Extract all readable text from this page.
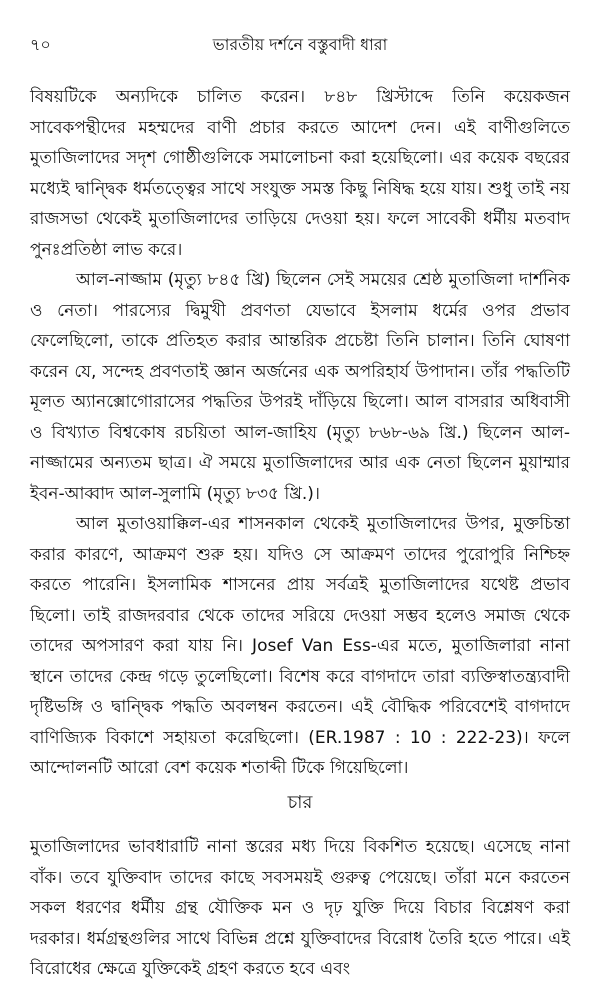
৭০	ভারতীয় দর্শনে বস্তুবাদী ধারা

বিষয়টিকে অন্যদিকে চালিত করেন। ৮৪৮ খ্রিস্টাব্দে তিনি কয়েকজন সাবেকপন্থীদের মহম্মদের বাণী প্রচার করতে আদেশ দেন। এই বাণীগুলিতে মুতাজিলাদের সদৃশ গোষ্ঠীগুলিকে সমালোচনা করা হয়েছিলো। এর কয়েক বছরের মধ্যেই দ্বান্দ্বিক ধর্মতত্ত্বের সাথে সংযুক্ত সমস্ত কিছু নিষিদ্ধ হয়ে যায়। শুধু তাই নয় রাজসভা থেকেই মুতাজিলাদের তাড়িয়ে দেওয়া হয়। ফলে সাবেকী ধর্মীয় মতবাদ পুনঃপ্রতিষ্ঠা লাভ করে।

আল-নাজ্জাম (মৃত্যু ৮৪৫ খ্রি) ছিলেন সেই সময়ের শ্রেষ্ঠ মুতাজিলা দার্শনিক ও নেতা। পারস্যের দ্বিমুখী প্রবণতা যেভাবে ইসলাম ধর্মের ওপর প্রভাব ফেলেছিলো, তাকে প্রতিহত করার আন্তরিক প্রচেষ্টা তিনি চালান। তিনি ঘোষণা করেন যে, সন্দেহ প্রবণতাই জ্ঞান অর্জনের এক অপরিহার্য উপাদান। তাঁর পদ্ধতিটি মূলত অ্যানক্সোগোরাসের পদ্ধতির উপরই দাঁড়িয়ে ছিলো। আল বাসরার অধিবাসী ও বিখ্যাত বিশ্বকোষ রচয়িতা আল-জাহিয (মৃত্যু ৮৬৮-৬৯ খ্রি.) ছিলেন আল-নাজ্জামের অন্যতম ছাত্র। ঐ সময়ে মুতাজিলাদের আর এক নেতা ছিলেন মুয়াম্মার ইবন-আব্বাদ আল-সুলামি (মৃত্যু ৮৩৫ খ্রি.)।

আল মুতাওয়াক্কিল-এর শাসনকাল থেকেই মুতাজিলাদের উপর, মুক্তচিন্তা করার কারণে, আক্রমণ শুরু হয়। যদিও সে আক্রমণ তাদের পুরোপুরি নিশ্চিহ্ন করতে পারেনি। ইসলামিক শাসনের প্রায় সর্বত্রই মুতাজিলাদের যথেষ্ট প্রভাব ছিলো। তাই রাজদরবার থেকে তাদের সরিয়ে দেওয়া সম্ভব হলেও সমাজ থেকে তাদের অপসারণ করা যায় নি। Josef Van Ess-এর মতে, মুতাজিলারা নানা স্থানে তাদের কেন্দ্র গড়ে তুলেছিলো। বিশেষ করে বাগদাদে তারা ব্যক্তিস্বাতন্ত্র্যবাদী দৃষ্টিভঙ্গি ও দ্বান্দ্বিক পদ্ধতি অবলম্বন করতেন। এই বৌদ্ধিক পরিবেশেই বাগদাদে বাণিজ্যিক বিকাশে সহায়তা করেছিলো। (ER.1987 : 10 : 222-23)। ফলে আন্দোলনটি আরো বেশ কয়েক শতাব্দী টিকে গিয়েছিলো।

চার

মুতাজিলাদের ভাবধারাটি নানা স্তরের মধ্য দিয়ে বিকশিত হয়েছে। এসেছে নানা বাঁক। তবে যুক্তিবাদ তাদের কাছে সবসময়ই গুরুত্ব পেয়েছে। তাঁরা মনে করতেন সকল ধরণের ধর্মীয় গ্রন্থ যৌক্তিক মন ও দৃঢ় যুক্তি দিয়ে বিচার বিশ্লেষণ করা দরকার। ধর্মগ্রন্থগুলির সাথে বিভিন্ন প্রশ্নে যুক্তিবাদের বিরোধ তৈরি হতে পারে। এই বিরোধের ক্ষেত্রে যুক্তিকেই গ্রহণ করতে হবে এবং
